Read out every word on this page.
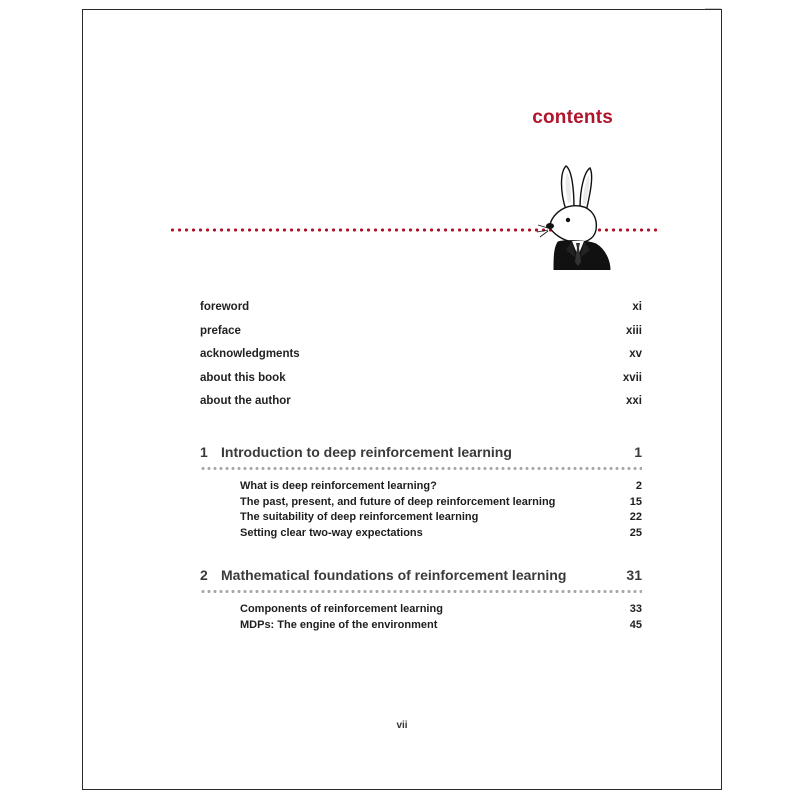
contents
foreword	xi
preface	xiii
acknowledgments	xv
about this book	xvii
about the author	xxi
1 Introduction to deep reinforcement learning	1
What is deep reinforcement learning?	2
The past, present, and future of deep reinforcement learning	15
The suitability of deep reinforcement learning	22
Setting clear two-way expectations	25
2 Mathematical foundations of reinforcement learning	31
Components of reinforcement learning	33
MDPs: The engine of the environment	45
vii
